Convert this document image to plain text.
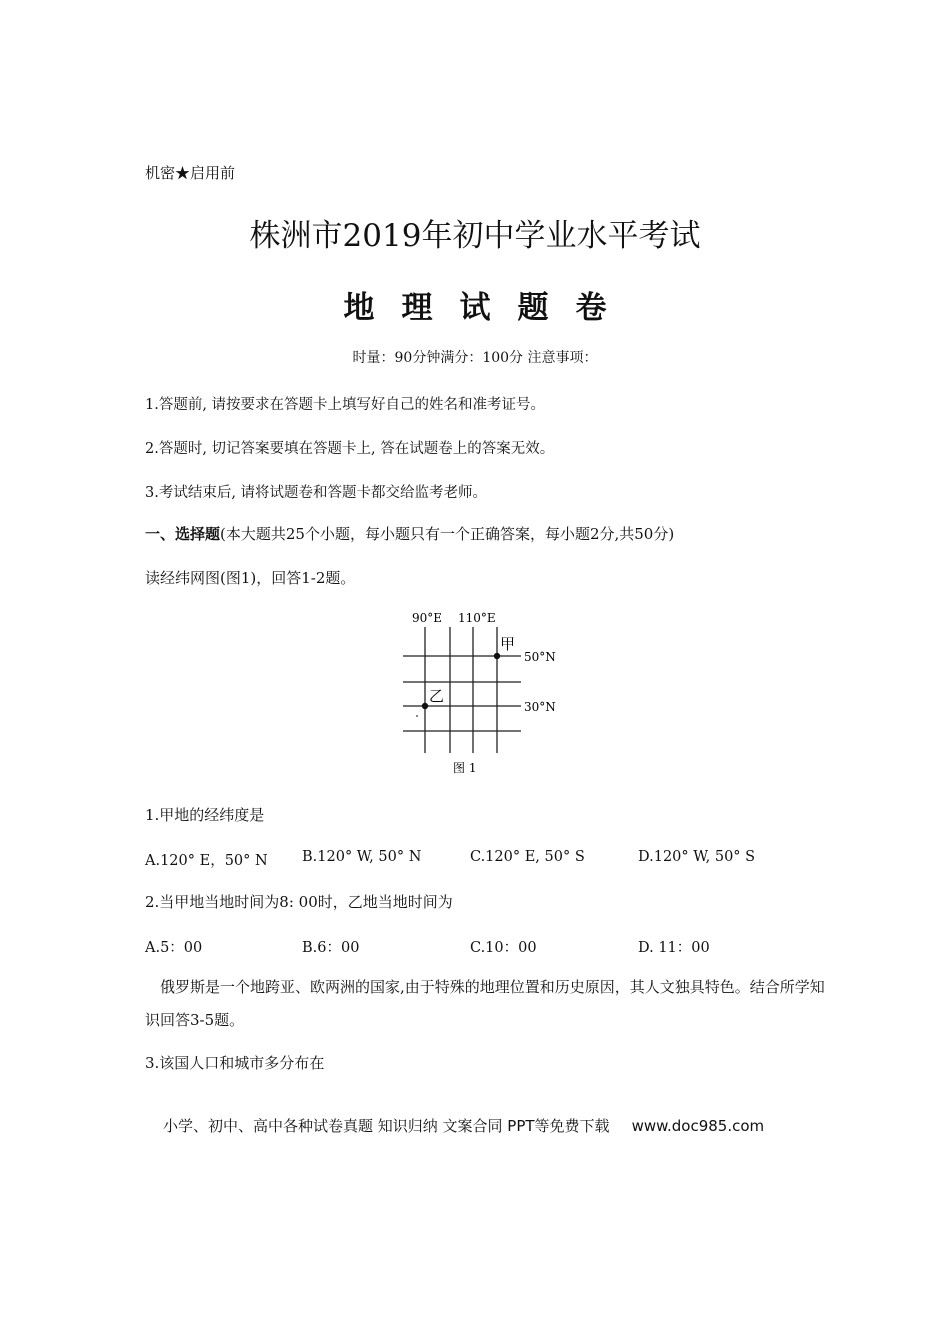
机密★启用前
株洲市2019年初中学业水平考试
地理试题卷
时量：90分钟满分：100分 注意事项：
1.答题前, 请按要求在答题卡上填写好自己的姓名和准考证号。
2.答题时, 切记答案要填在答题卡上, 答在试题卷上的答案无效。
3.考试结束后, 请将试题卷和答题卡都交给监考老师。
一、选择题(本大题共25个小题，每小题只有一个正确答案，每小题2分,共50分)
读经纬网图(图1)，回答1-2题。
90°E 110°E
50°N
30°N
甲
乙
图 1
1.甲地的经纬度是
A.120° E，50° N B.120° W, 50° N	C.120° E, 50° S	D.120° W, 50° S
2.当甲地当地时间为8: 00时，乙地当地时间为
A.5：00	B.6：00	C.10：00	D. 11：00
俄罗斯是一个地跨亚、欧两洲的国家,由于特殊的地理位置和历史原因，其人文独具特色。结合所学知识回答3-5题。
3.该国人口和城市多分布在
小学、初中、高中各种试卷真题 知识归纳 文案合同 PPT等免费下载 www.doc985.com
